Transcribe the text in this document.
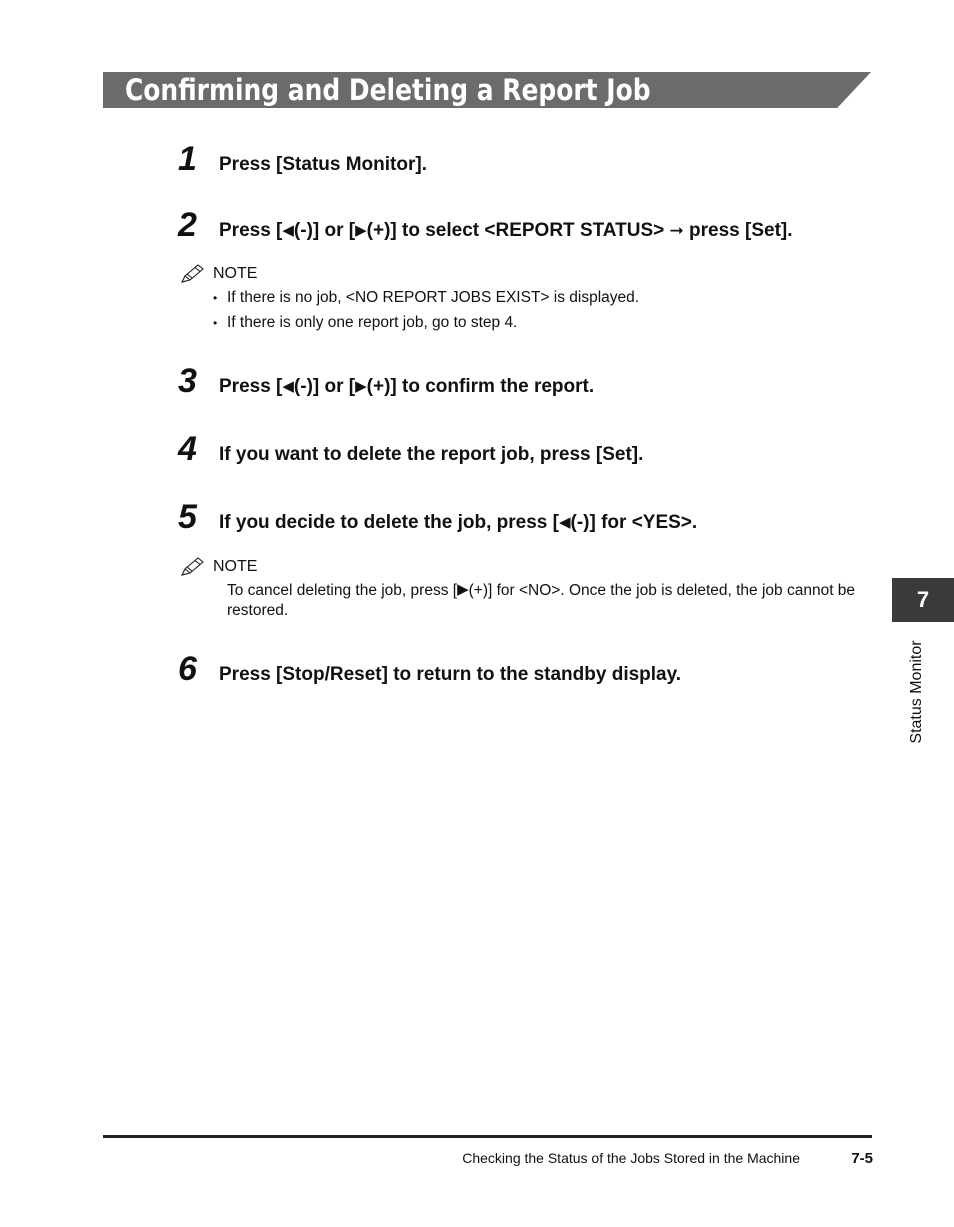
Confirming and Deleting a Report Job
1	Press [Status Monitor].
2	Press [◀(-)] or [▶(+)] to select <REPORT STATUS> ➞ press [Set].
NOTE
• If there is no job, <NO REPORT JOBS EXIST> is displayed.
• If there is only one report job, go to step 4.
3	Press [◀(-)] or [▶(+)] to confirm the report.
4	If you want to delete the report job, press [Set].
5	If you decide to delete the job, press [◀(-)] for <YES>.
NOTE
To cancel deleting the job, press [▶(+)] for <NO>. Once the job is deleted, the job cannot be restored.
6	Press [Stop/Reset] to return to the standby display.
7
Status Monitor
Checking the Status of the Jobs Stored in the Machine	7-5
